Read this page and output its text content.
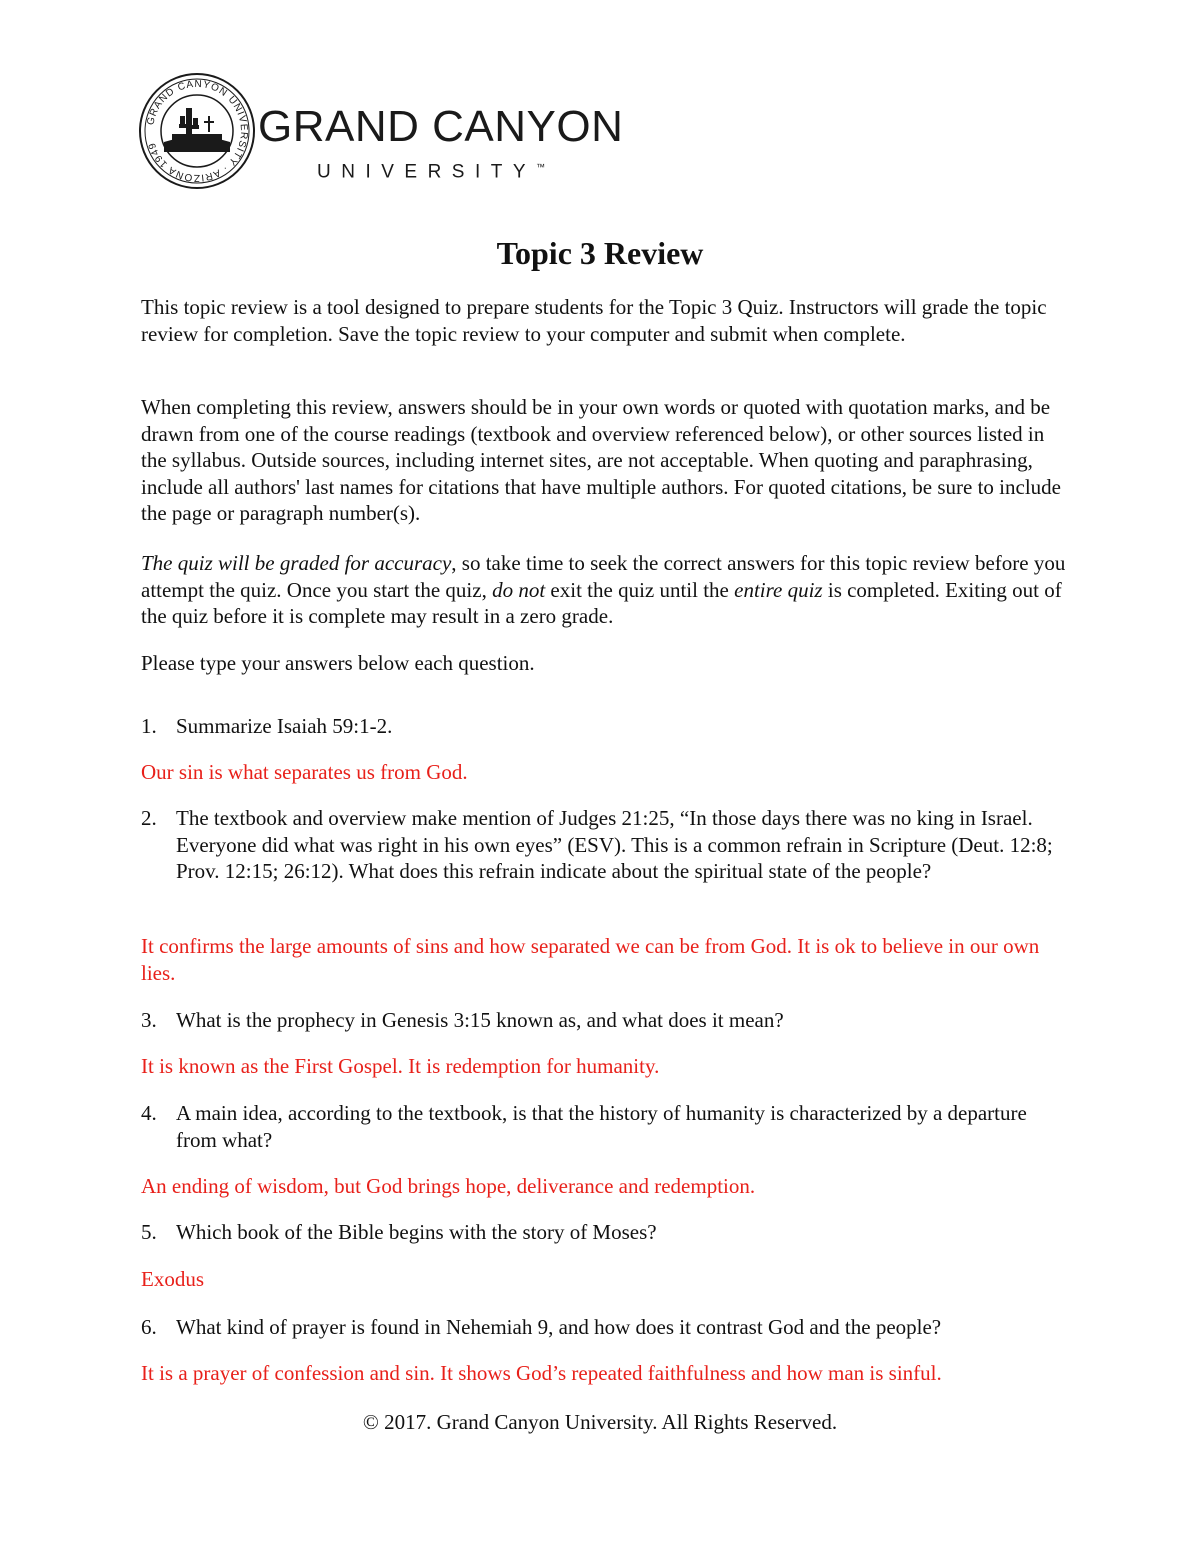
GRAND CANYON UNIVERSITY · ARIZONA 1949	GRAND CANYON
UNIVERSITY™
Topic 3 Review
This topic review is a tool designed to prepare students for the Topic 3 Quiz. Instructors will grade the topic review for completion. Save the topic review to your computer and submit when complete.
When completing this review, answers should be in your own words or quoted with quotation marks, and be drawn from one of the course readings (textbook and overview referenced below), or other sources listed in the syllabus. Outside sources, including internet sites, are not acceptable. When quoting and paraphrasing, include all authors' last names for citations that have multiple authors. For quoted citations, be sure to include the page or paragraph number(s).
The quiz will be graded for accuracy, so take time to seek the correct answers for this topic review before you attempt the quiz. Once you start the quiz, do not exit the quiz until the entire quiz is completed. Exiting out of the quiz before it is complete may result in a zero grade.
Please type your answers below each question.
1. Summarize Isaiah 59:1-2.
Our sin is what separates us from God.
2. The textbook and overview make mention of Judges 21:25, “In those days there was no king in Israel. Everyone did what was right in his own eyes” (ESV). This is a common refrain in Scripture (Deut. 12:8; Prov. 12:15; 26:12). What does this refrain indicate about the spiritual state of the people?
It confirms the large amounts of sins and how separated we can be from God. It is ok to believe in our own lies.
3. What is the prophecy in Genesis 3:15 known as, and what does it mean?
It is known as the First Gospel. It is redemption for humanity.
4. A main idea, according to the textbook, is that the history of humanity is characterized by a departure from what?
An ending of wisdom, but God brings hope, deliverance and redemption.
5. Which book of the Bible begins with the story of Moses?
Exodus
6. What kind of prayer is found in Nehemiah 9, and how does it contrast God and the people?
It is a prayer of confession and sin. It shows God’s repeated faithfulness and how man is sinful.
© 2017. Grand Canyon University. All Rights Reserved.
